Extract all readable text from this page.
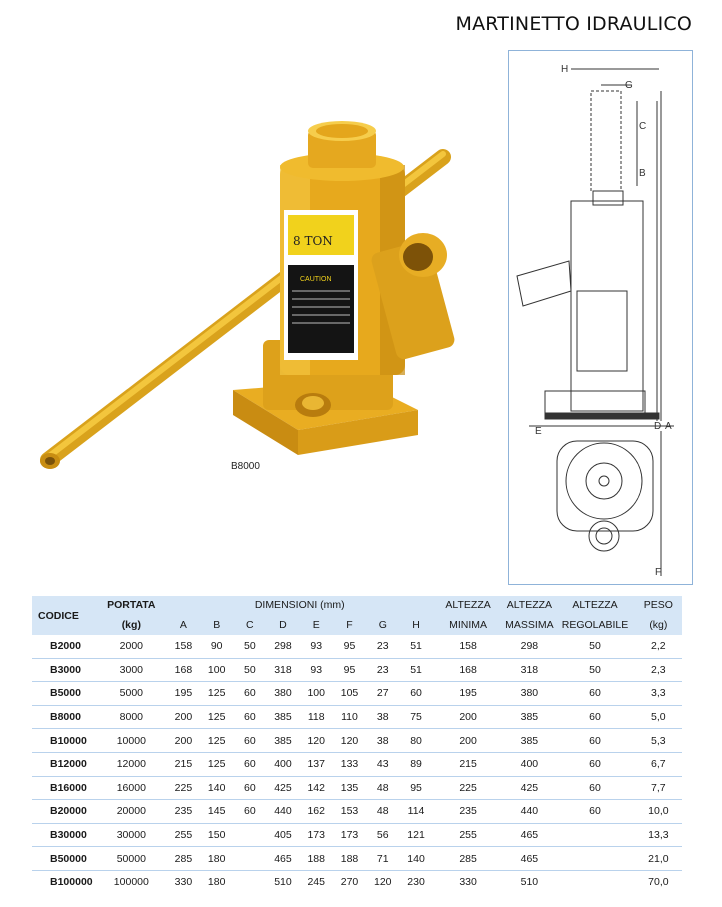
MARTINETTO IDRAULICO
8 TON
CAUTION
B8000
H
G
C
B
E	D A
F
CODICE	PORTATA	DIMENSIONI (mm)								ALTEZZA	ALTEZZA	ALTEZZA	PESO
	(kg)	A	B	C	D	E	F	G	H	MINIMA	MASSIMA	REGOLABILE	(kg)
B2000	2000	158	90	50	298	93	95	23	51	158	298	50	2,2
B3000	3000	168	100	50	318	93	95	23	51	168	318	50	2,3
B5000	5000	195	125	60	380	100	105	27	60	195	380	60	3,3
B8000	8000	200	125	60	385	118	110	38	75	200	385	60	5,0
B10000	10000	200	125	60	385	120	120	38	80	200	385	60	5,3
B12000	12000	215	125	60	400	137	133	43	89	215	400	60	6,7
B16000	16000	225	140	60	425	142	135	48	95	225	425	60	7,7
B20000	20000	235	145	60	440	162	153	48	114	235	440	60	10,0
B30000	30000	255	150		405	173	173	56	121	255	465		13,3
B50000	50000	285	180		465	188	188	71	140	285	465		21,0
B100000	100000	330	180		510	245	270	120	230	330	510		70,0
